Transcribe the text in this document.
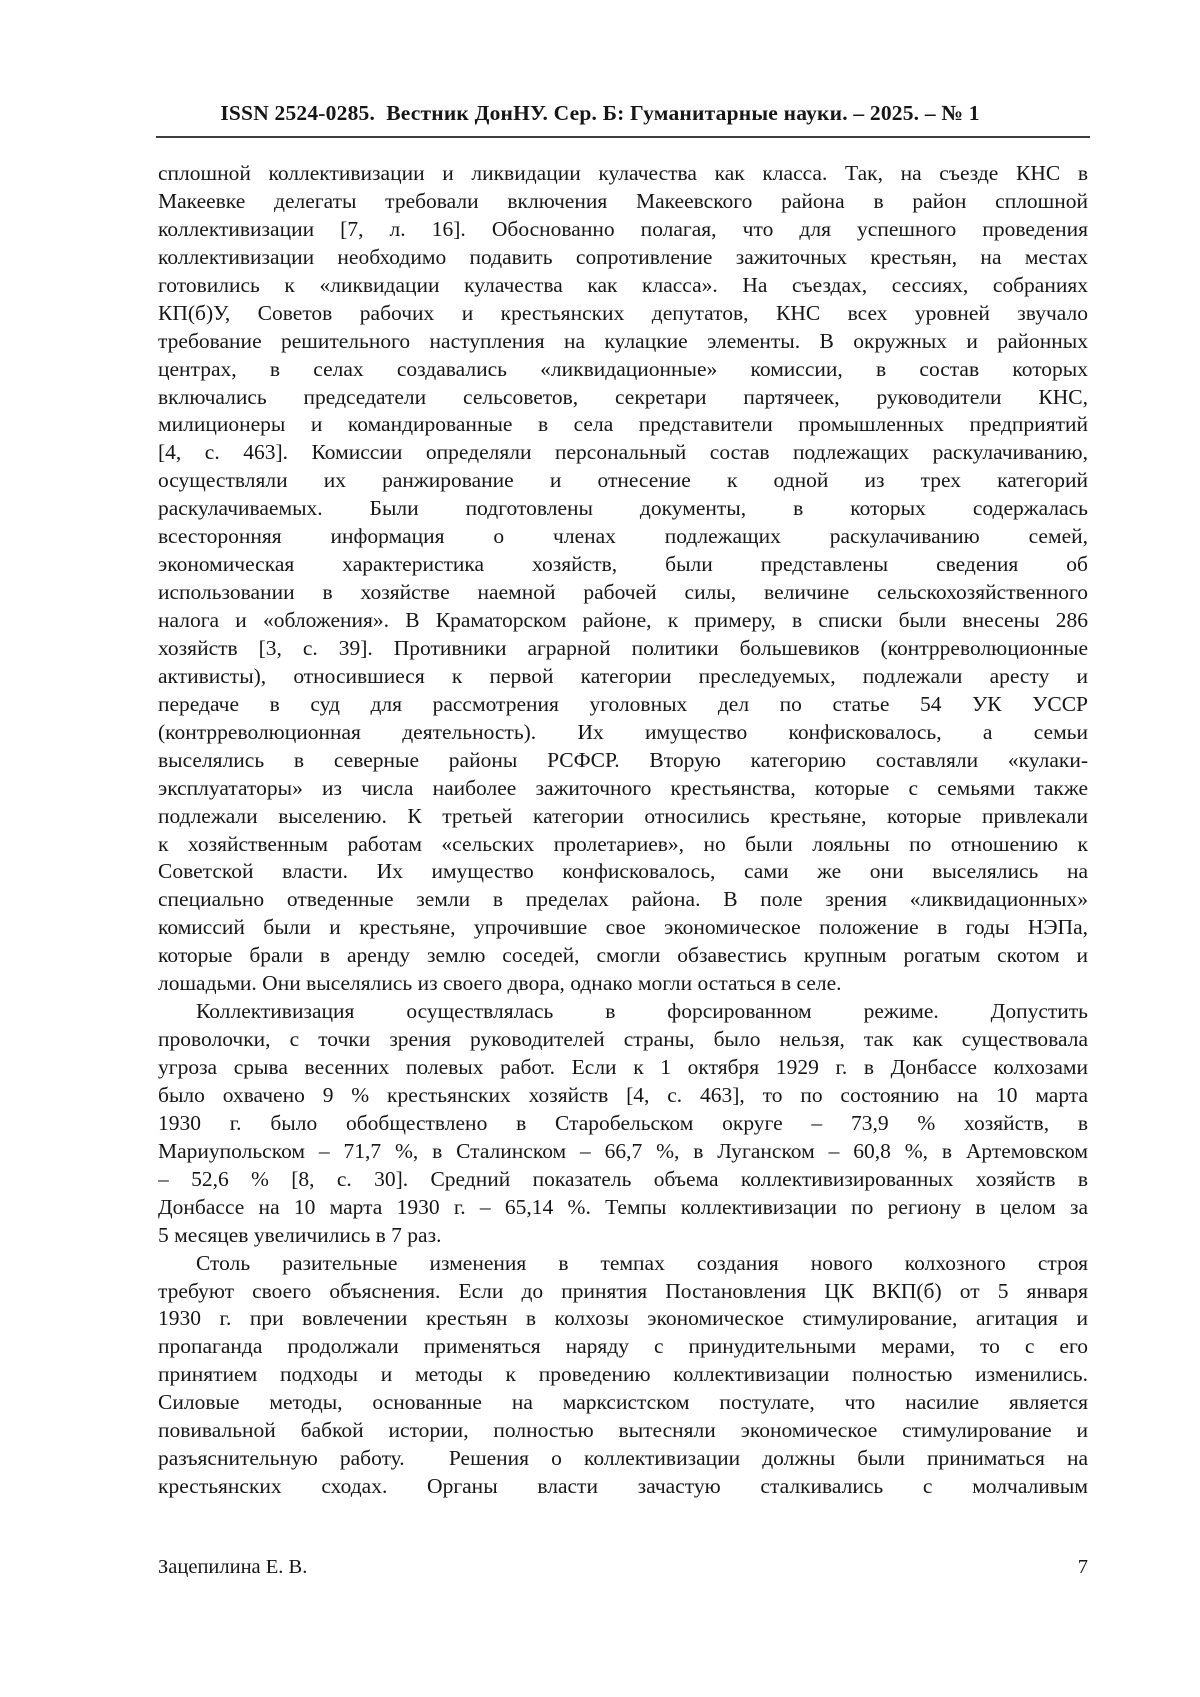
ISSN 2524-0285.  Вестник ДонНУ. Сер. Б: Гуманитарные науки. – 2025. – № 1
сплошной коллективизации и ликвидации кулачества как класса. Так, на съезде КНС в
Макеевке делегаты требовали включения Макеевского района в район сплошной
коллективизации [7, л. 16]. Обоснованно полагая, что для успешного проведения
коллективизации необходимо подавить сопротивление зажиточных крестьян, на местах
готовились к «ликвидации кулачества как класса». На съездах, сессиях, собраниях
КП(б)У, Советов рабочих и крестьянских депутатов, КНС всех уровней звучало
требование решительного наступления на кулацкие элементы. В окружных и районных
центрах, в селах создавались «ликвидационные» комиссии, в состав которых
включались председатели сельсоветов, секретари партячеек, руководители КНС,
милиционеры и командированные в села представители промышленных предприятий
[4, с. 463]. Комиссии определяли персональный состав подлежащих раскулачиванию,
осуществляли их ранжирование и отнесение к одной из трех категорий
раскулачиваемых. Были подготовлены документы, в которых содержалась
всесторонняя информация о членах подлежащих раскулачиванию семей,
экономическая характеристика хозяйств, были представлены сведения об
использовании в хозяйстве наемной рабочей силы, величине сельскохозяйственного
налога и «обложения». В Краматорском районе, к примеру, в списки были внесены 286
хозяйств [3, с. 39]. Противники аграрной политики большевиков (контрреволюционные
активисты), относившиеся к первой категории преследуемых, подлежали аресту и
передаче в суд для рассмотрения уголовных дел по статье 54 УК УССР
(контрреволюционная деятельность). Их имущество конфисковалось, а семьи
выселялись в северные районы РСФСР. Вторую категорию составляли «кулаки-
эксплуататоры» из числа наиболее зажиточного крестьянства, которые с семьями также
подлежали выселению. К третьей категории относились крестьяне, которые привлекали
к хозяйственным работам «сельских пролетариев», но были лояльны по отношению к
Советской власти. Их имущество конфисковалось, сами же они выселялись на
специально отведенные земли в пределах района. В поле зрения «ликвидационных»
комиссий были и крестьяне, упрочившие свое экономическое положение в годы НЭПа,
которые брали в аренду землю соседей, смогли обзавестись крупным рогатым скотом и
лошадьми. Они выселялись из своего двора, однако могли остаться в селе.
Коллективизация осуществлялась в форсированном режиме. Допустить
проволочки, с точки зрения руководителей страны, было нельзя, так как существовала
угроза срыва весенних полевых работ. Если к 1 октября 1929 г. в Донбассе колхозами
было охвачено 9 % крестьянских хозяйств [4, с. 463], то по состоянию на 10 марта
1930 г. было обобществлено в Старобельском округе – 73,9 % хозяйств, в
Мариупольском – 71,7 %, в Сталинском – 66,7 %, в Луганском – 60,8 %, в Артемовском
– 52,6 % [8, с. 30]. Средний показатель объема коллективизированных хозяйств в
Донбассе на 10 марта 1930 г. – 65,14 %. Темпы коллективизации по региону в целом за
5 месяцев увеличились в 7 раз.
Столь разительные изменения в темпах создания нового колхозного строя
требуют своего объяснения. Если до принятия Постановления ЦК ВКП(б) от 5 января
1930 г. при вовлечении крестьян в колхозы экономическое стимулирование, агитация и
пропаганда продолжали применяться наряду с принудительными мерами, то с его
принятием подходы и методы к проведению коллективизации полностью изменились.
Силовые методы, основанные на марксистском постулате, что насилие является
повивальной бабкой истории, полностью вытесняли экономическое стимулирование и
разъяснительную работу.  Решения о коллективизации должны были приниматься на
крестьянских сходах. Органы власти зачастую сталкивались с молчаливым
Зацепилина Е. В.	7
